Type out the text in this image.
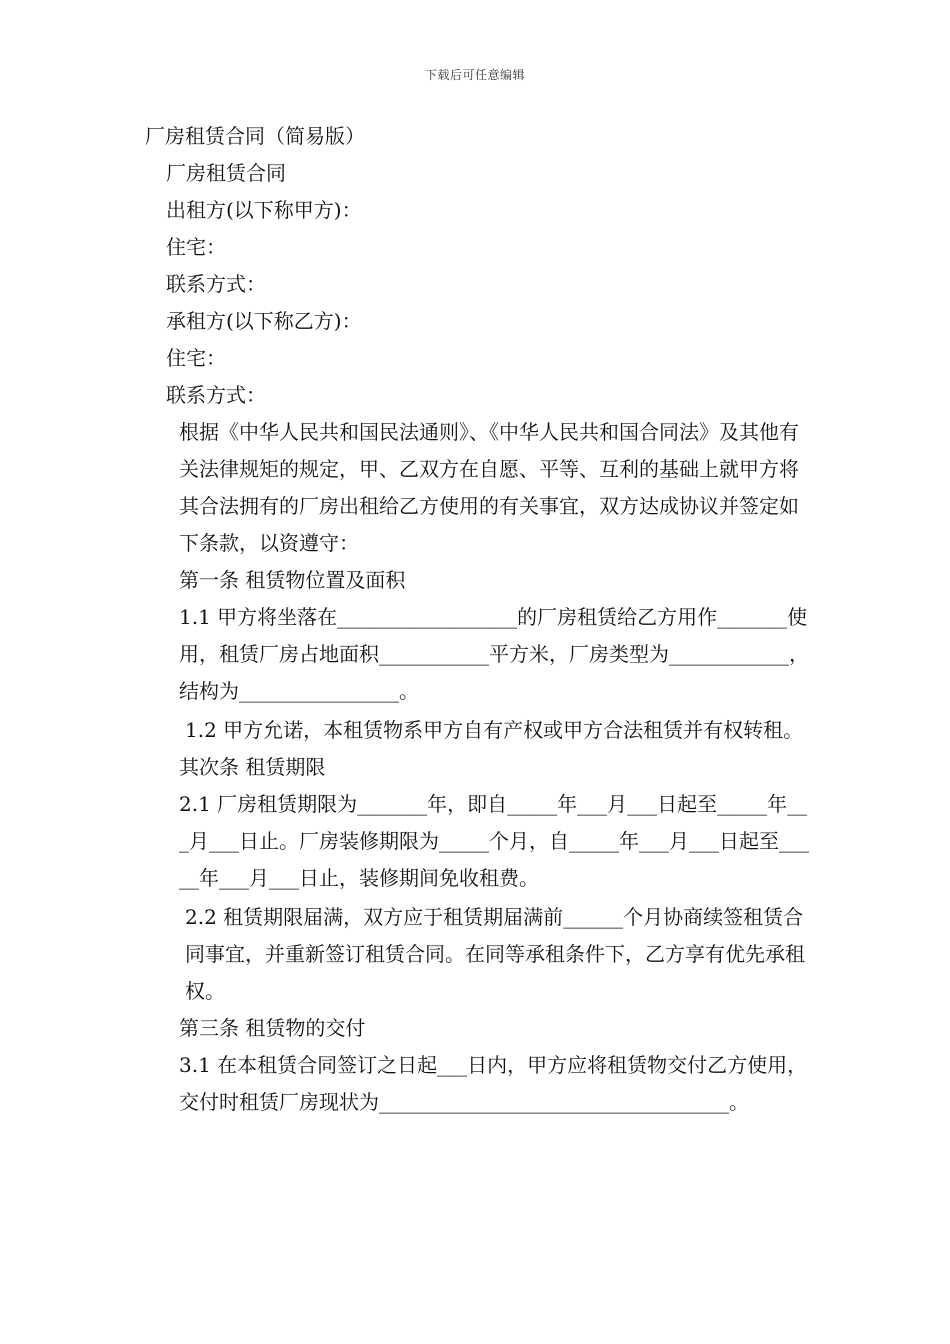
下载后可任意编辑
厂房租赁合同（简易版）
厂房租赁合同
出租方(以下称甲方)：
住宅：
联系方式：
承租方(以下称乙方)：
住宅：
联系方式：

根据《中华人民共和国民法通则》、《中华人民共和国合同法》及其他有关法律规矩的规定，甲、乙双方在自愿、平等、互利的基础上就甲方将其合法拥有的厂房出租给乙方使用的有关事宜，双方达成协议并签定如下条款，以资遵守：

第一条 租赁物位置及面积

1.1 甲方将坐落在__________________的厂房租赁给乙方用作_______使用，租赁厂房占地面积___________平方米，厂房类型为____________，结构为________________。

1.2 甲方允诺，本租赁物系甲方自有产权或甲方合法租赁并有权转租。

其次条 租赁期限

2.1 厂房租赁期限为_______年，即自_____年___月___日起至_____年___月___日止。厂房装修期限为_____个月，自_____年___月___日起至_____年___月___日止，装修期间免收租费。

2.2 租赁期限届满，双方应于租赁期届满前______个月协商续签租赁合同事宜，并重新签订租赁合同。在同等承租条件下，乙方享有优先承租权。

第三条 租赁物的交付

3.1 在本租赁合同签订之日起___日内，甲方应将租赁物交付乙方使用，交付时租赁厂房现状为___________________________________。
